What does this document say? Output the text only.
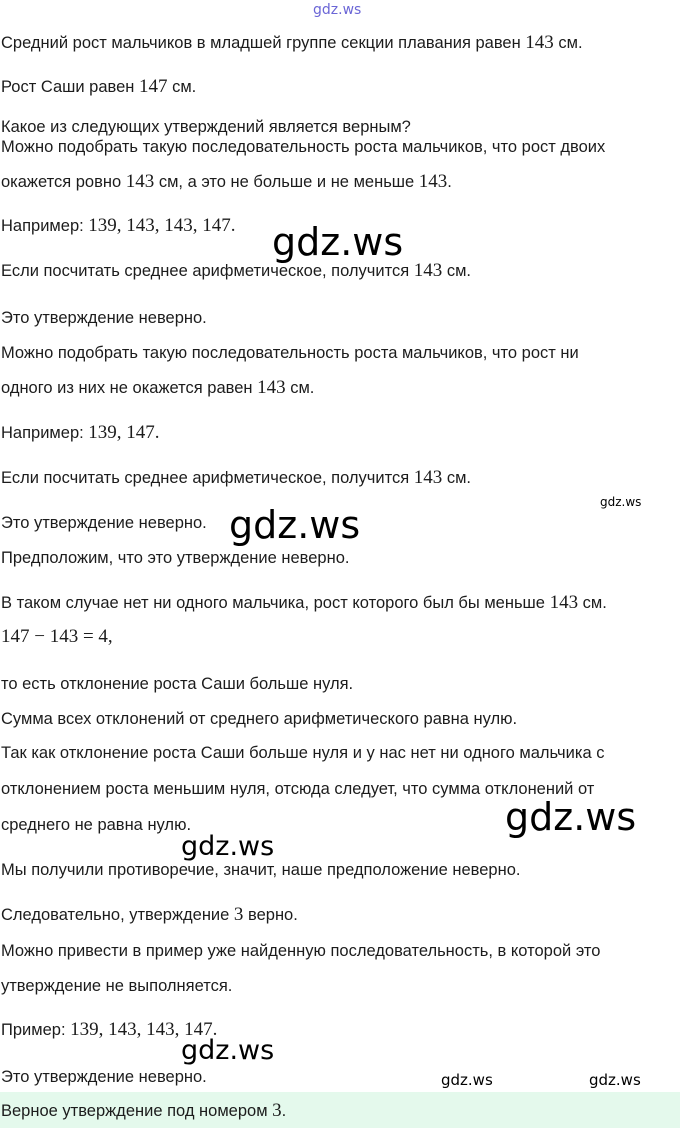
gdz.ws
Средний рост мальчиков в младшей группе секции плавания равен 143 см.
Рост Саши равен 147 см.
Какое из следующих утверждений является верным?
Можно подобрать такую последовательность роста мальчиков, что рост двоих
окажется ровно 143 см, а это не больше и не меньше 143.
Например: 139, 143, 143, 147.
Если посчитать среднее арифметическое, получится 143 см.
Это утверждение неверно.
Можно подобрать такую последовательность роста мальчиков, что рост ни
одного из них не окажется равен 143 см.
Например: 139, 147.
Если посчитать среднее арифметическое, получится 143 см.
Это утверждение неверно.
Предположим, что это утверждение неверно.
В таком случае нет ни одного мальчика, рост которого был бы меньше 143 см.
147 − 143 = 4,
то есть отклонение роста Саши больше нуля.
Сумма всех отклонений от среднего арифметического равна нулю.
Так как отклонение роста Саши больше нуля и у нас нет ни одного мальчика с
отклонением роста меньшим нуля, отсюда следует, что сумма отклонений от
среднего не равна нулю.
Мы получили противоречие, значит, наше предположение неверно.
Следовательно, утверждение 3 верно.
Можно привести в пример уже найденную последовательность, в которой это
утверждение не выполняется.
Пример: 139, 143, 143, 147.
Это утверждение неверно.
Верное утверждение под номером 3.
gdz.ws
gdz.ws
gdz.ws
gdz.ws
gdz.ws
gdz.ws
gdz.ws	gdz.ws
